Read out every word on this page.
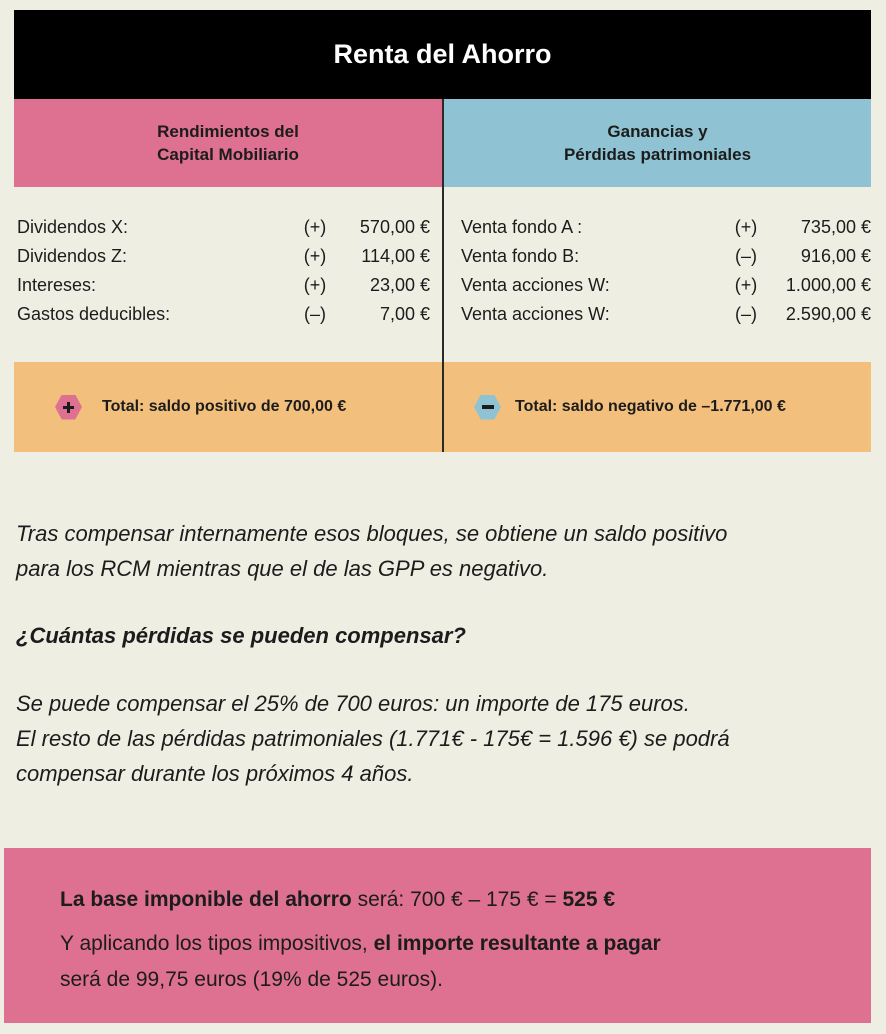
Renta del Ahorro
Rendimientos del
Capital Mobiliario
Ganancias y
Pérdidas patrimoniales
Dividendos X:	(+)	570,00 €
Dividendos Z:	(+)	114,00 €
Intereses:	(+)	23,00 €
Gastos deducibles:	(–)	7,00 €
Venta fondo A :	(+)	735,00 €
Venta fondo B:	(–)	916,00 €
Venta acciones W:	(+)	1.000,00 €
Venta acciones W:	(–)	2.590,00 €
Total: saldo positivo de 700,00 €	Total: saldo negativo de –1.771,00 €

Tras compensar internamente esos bloques, se obtiene un saldo positivo
para los RCM mientras que el de las GPP es negativo.

¿Cuántas pérdidas se pueden compensar?

Se puede compensar el 25% de 700 euros: un importe de 175 euros.
El resto de las pérdidas patrimoniales (1.771€ - 175€ = 1.596 €) se podrá
compensar durante los próximos 4 años.

La base imponible del ahorro será: 700 € – 175 € = 525 €
Y aplicando los tipos impositivos, el importe resultante a pagar
será de 99,75 euros (19% de 525 euros).
